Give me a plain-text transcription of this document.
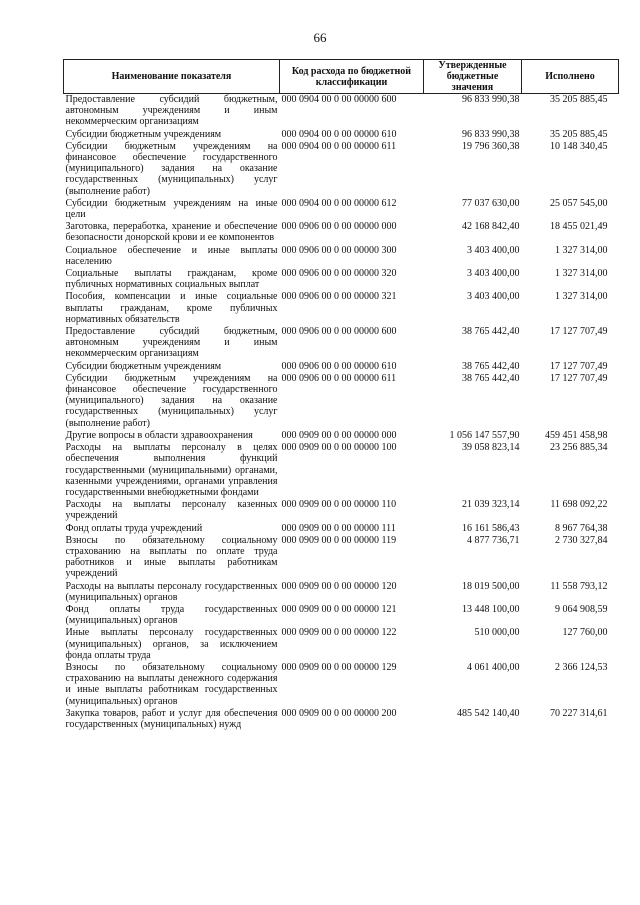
66
Наименование показателя	Код расхода по бюджетной классификации	Утвержденные бюджетные значения	Исполнено
Предоставление субсидий бюджетным, автономным учреждениям и иным некоммерческим организациям	000 0904 00 0 00 00000 600	96 833 990,38	35 205 885,45
Субсидии бюджетным учреждениям	000 0904 00 0 00 00000 610	96 833 990,38	35 205 885,45
Субсидии бюджетным учреждениям на финансовое обеспечение государственного (муниципального) задания на оказание государственных (муниципальных) услуг (выполнение работ)	000 0904 00 0 00 00000 611	19 796 360,38	10 148 340,45
Субсидии бюджетным учреждениям на иные цели	000 0904 00 0 00 00000 612	77 037 630,00	25 057 545,00
Заготовка, переработка, хранение и обеспечение безопасности донорской крови и ее компонентов	000 0906 00 0 00 00000 000	42 168 842,40	18 455 021,49
Социальное обеспечение и иные выплаты населению	000 0906 00 0 00 00000 300	3 403 400,00	1 327 314,00
Социальные выплаты гражданам, кроме публичных нормативных социальных выплат	000 0906 00 0 00 00000 320	3 403 400,00	1 327 314,00
Пособия, компенсации и иные социальные выплаты гражданам, кроме публичных нормативных обязательств	000 0906 00 0 00 00000 321	3 403 400,00	1 327 314,00
Предоставление субсидий бюджетным, автономным учреждениям и иным некоммерческим организациям	000 0906 00 0 00 00000 600	38 765 442,40	17 127 707,49
Субсидии бюджетным учреждениям	000 0906 00 0 00 00000 610	38 765 442,40	17 127 707,49
Субсидии бюджетным учреждениям на финансовое обеспечение государственного (муниципального) задания на оказание государственных (муниципальных) услуг (выполнение работ)	000 0906 00 0 00 00000 611	38 765 442,40	17 127 707,49
Другие вопросы в области здравоохранения	000 0909 00 0 00 00000 000	1 056 147 557,90	459 451 458,98
Расходы на выплаты персоналу в целях обеспечения выполнения функций государственными (муниципальными) органами, казенными учреждениями, органами управления государственными внебюджетными фондами	000 0909 00 0 00 00000 100	39 058 823,14	23 256 885,34
Расходы на выплаты персоналу казенных учреждений	000 0909 00 0 00 00000 110	21 039 323,14	11 698 092,22
Фонд оплаты труда учреждений	000 0909 00 0 00 00000 111	16 161 586,43	8 967 764,38
Взносы по обязательному социальному страхованию на выплаты по оплате труда работников и иные выплаты работникам учреждений	000 0909 00 0 00 00000 119	4 877 736,71	2 730 327,84
Расходы на выплаты персоналу государственных (муниципальных) органов	000 0909 00 0 00 00000 120	18 019 500,00	11 558 793,12
Фонд оплаты труда государственных (муниципальных) органов	000 0909 00 0 00 00000 121	13 448 100,00	9 064 908,59
Иные выплаты персоналу государственных (муниципальных) органов, за исключением фонда оплаты труда	000 0909 00 0 00 00000 122	510 000,00	127 760,00
Взносы по обязательному социальному страхованию на выплаты денежного содержания и иные выплаты работникам государственных (муниципальных) органов	000 0909 00 0 00 00000 129	4 061 400,00	2 366 124,53
Закупка товаров, работ и услуг для обеспечения государственных (муниципальных) нужд	000 0909 00 0 00 00000 200	485 542 140,40	70 227 314,61
